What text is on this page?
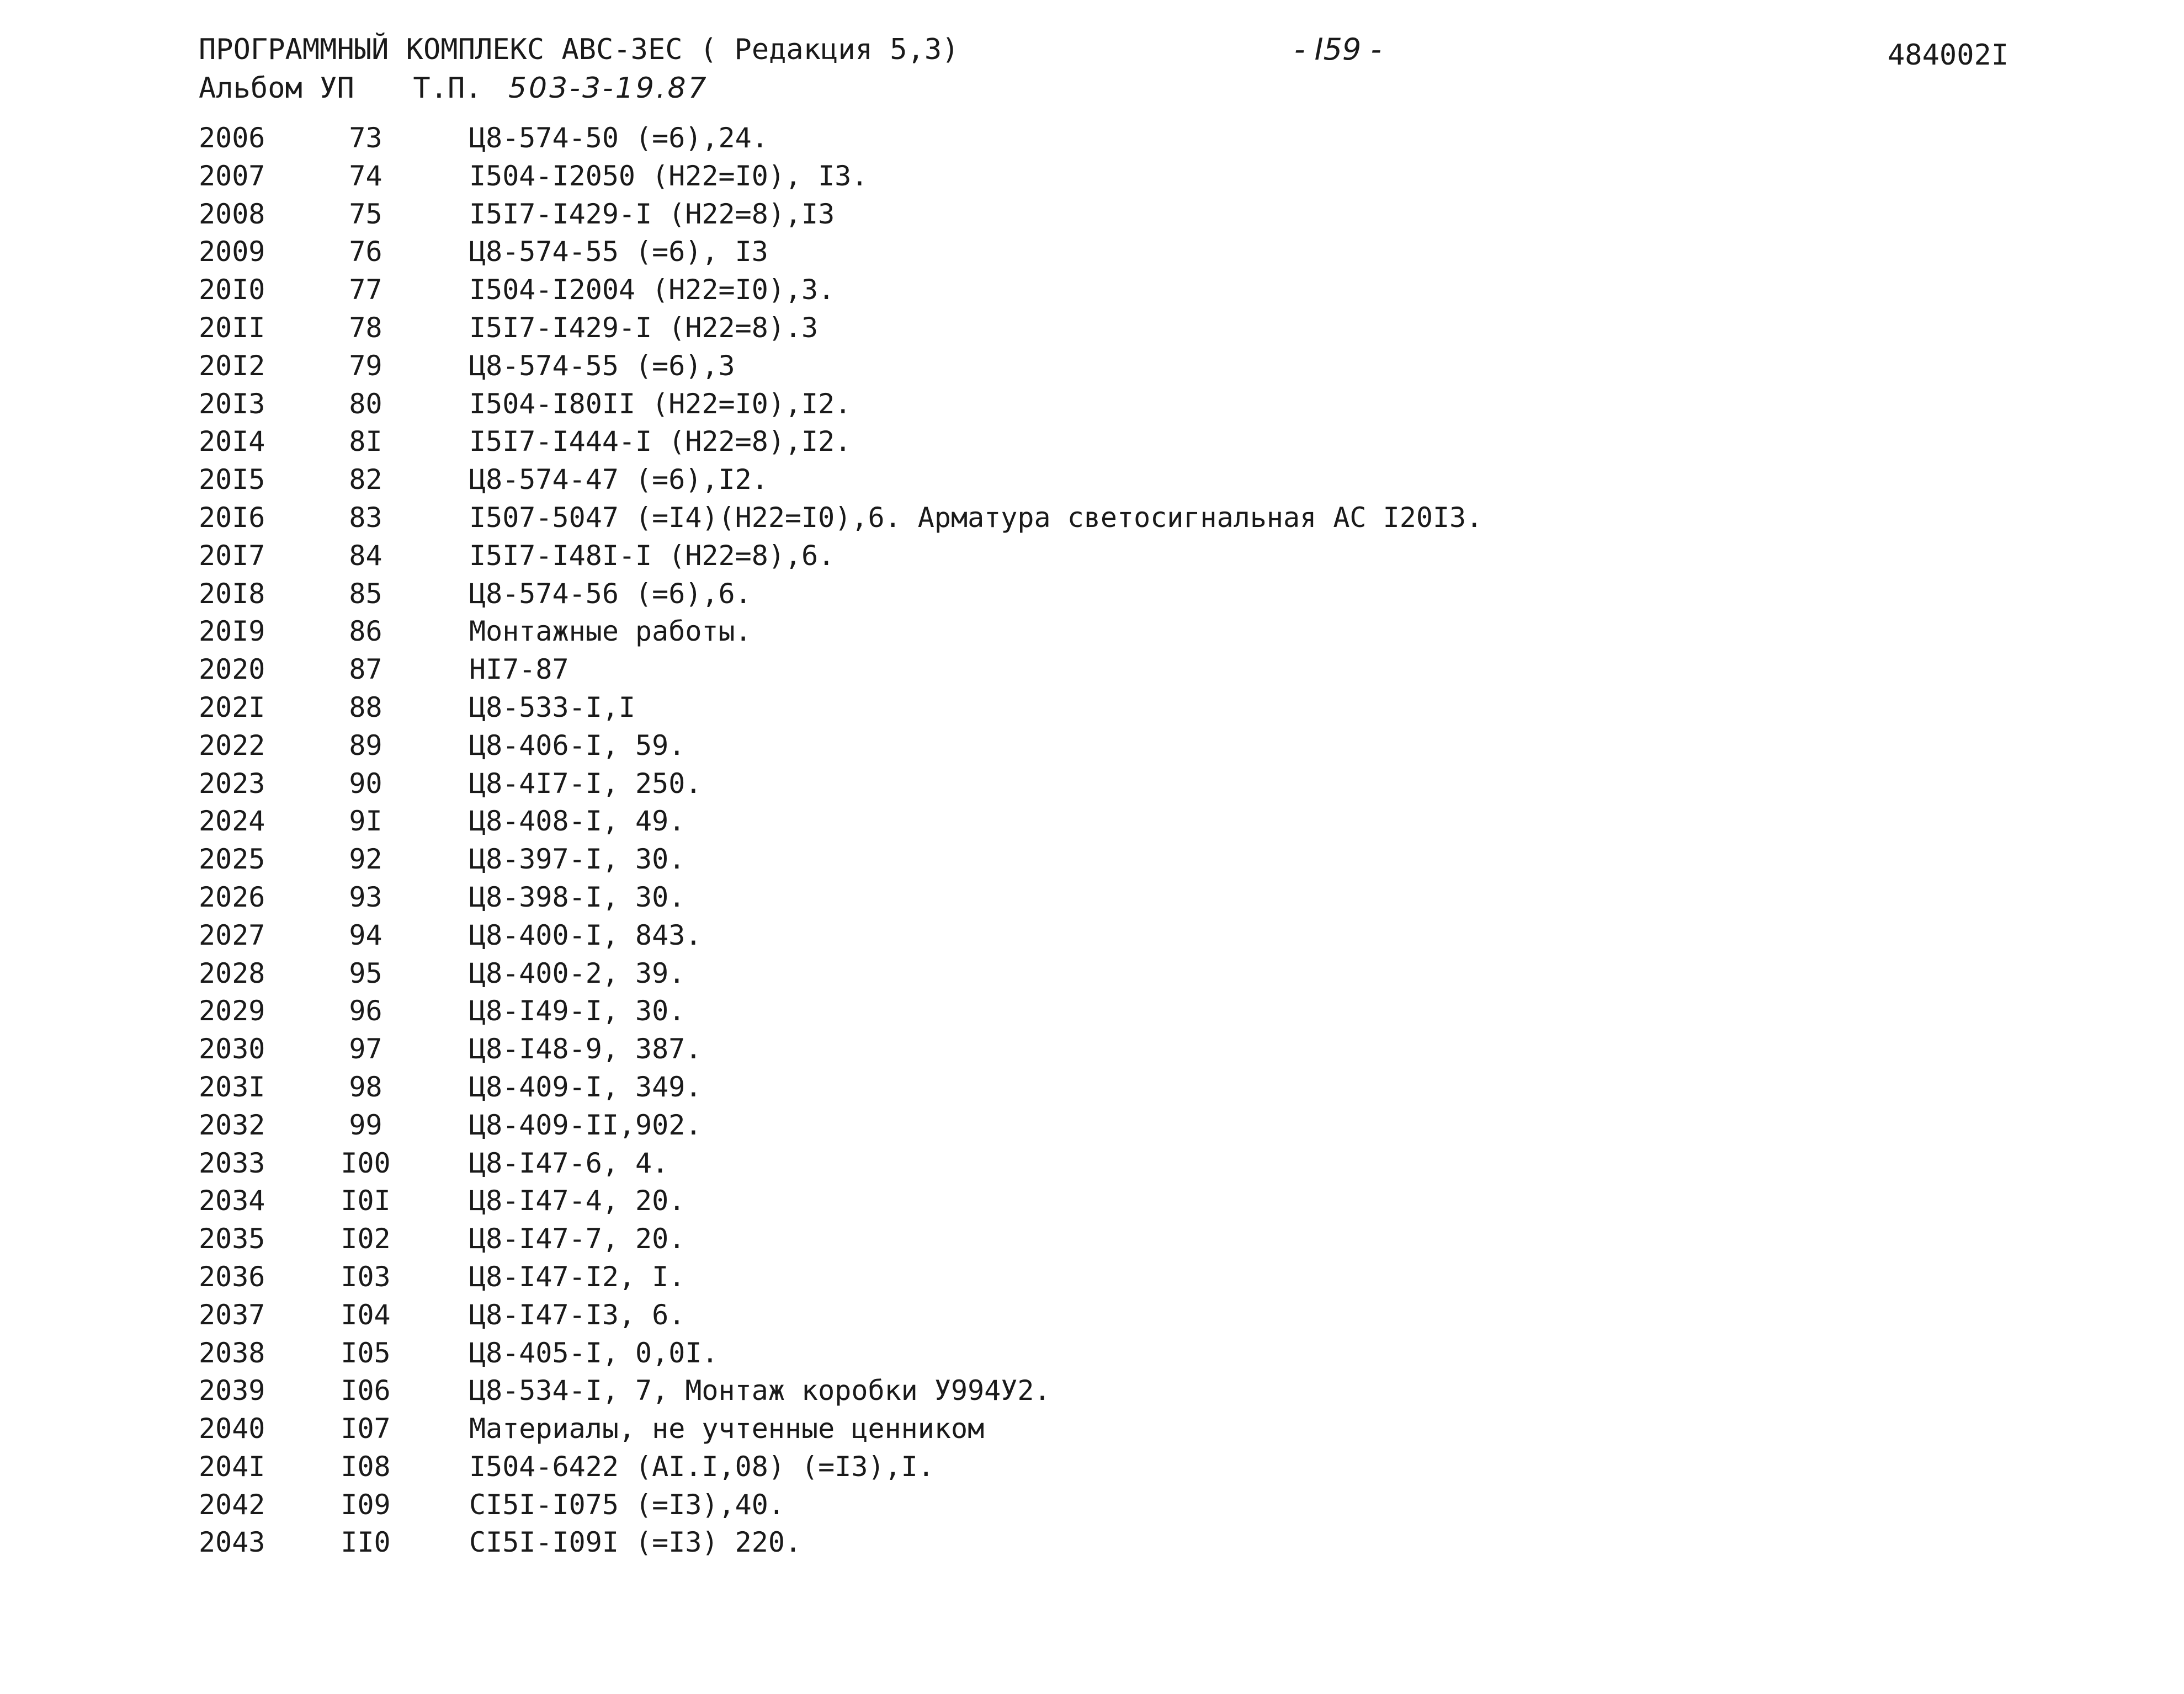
ПРОГРАММНЫЙ КОМПЛЕКС АВС-ЗЕС ( Редакция 5,3)
Альбом УП Т.П. 503-3-19.87
- I59 -	484002I
2006	73	Ц8-574-50 (=6),24.
2007	74	I504-I2050 (H22=I0), I3.
2008	75	I5I7-I429-I (H22=8),I3
2009	76	Ц8-574-55 (=6), I3
20I0	77	I504-I2004 (H22=I0),3.
20II	78	I5I7-I429-I (H22=8).3
20I2	79	Ц8-574-55 (=6),3
20I3	80	I504-I80II (H22=I0),I2.
20I4	8I	I5I7-I444-I (H22=8),I2.
20I5	82	Ц8-574-47 (=6),I2.
20I6	83	I507-5047 (=I4)(H22=I0),6. Арматура светосигнальная АС I20I3.
20I7	84	I5I7-I48I-I (H22=8),6.
20I8	85	Ц8-574-56 (=6),6.
20I9	86	Монтажные работы.
2020	87	HI7-87
202I	88	Ц8-533-I,I
2022	89	Ц8-406-I, 59.
2023	90	Ц8-4I7-I, 250.
2024	9I	Ц8-408-I, 49.
2025	92	Ц8-397-I, 30.
2026	93	Ц8-398-I, 30.
2027	94	Ц8-400-I, 843.
2028	95	Ц8-400-2, 39.
2029	96	Ц8-I49-I, 30.
2030	97	Ц8-I48-9, 387.
203I	98	Ц8-409-I, 349.
2032	99	Ц8-409-II,902.
2033	I00	Ц8-I47-6, 4.
2034	I0I	Ц8-I47-4, 20.
2035	I02	Ц8-I47-7, 20.
2036	I03	Ц8-I47-I2, I.
2037	I04	Ц8-I47-I3, 6.
2038	I05	Ц8-405-I, 0,0I.
2039	I06	Ц8-534-I, 7, Монтаж коробки У994У2.
2040	I07	Материалы, не учтенные ценником
204I	I08	I504-6422 (AI.I,08) (=I3),I.
2042	I09	CI5I-I075 (=I3),40.
2043	II0	CI5I-I09I (=I3) 220.
